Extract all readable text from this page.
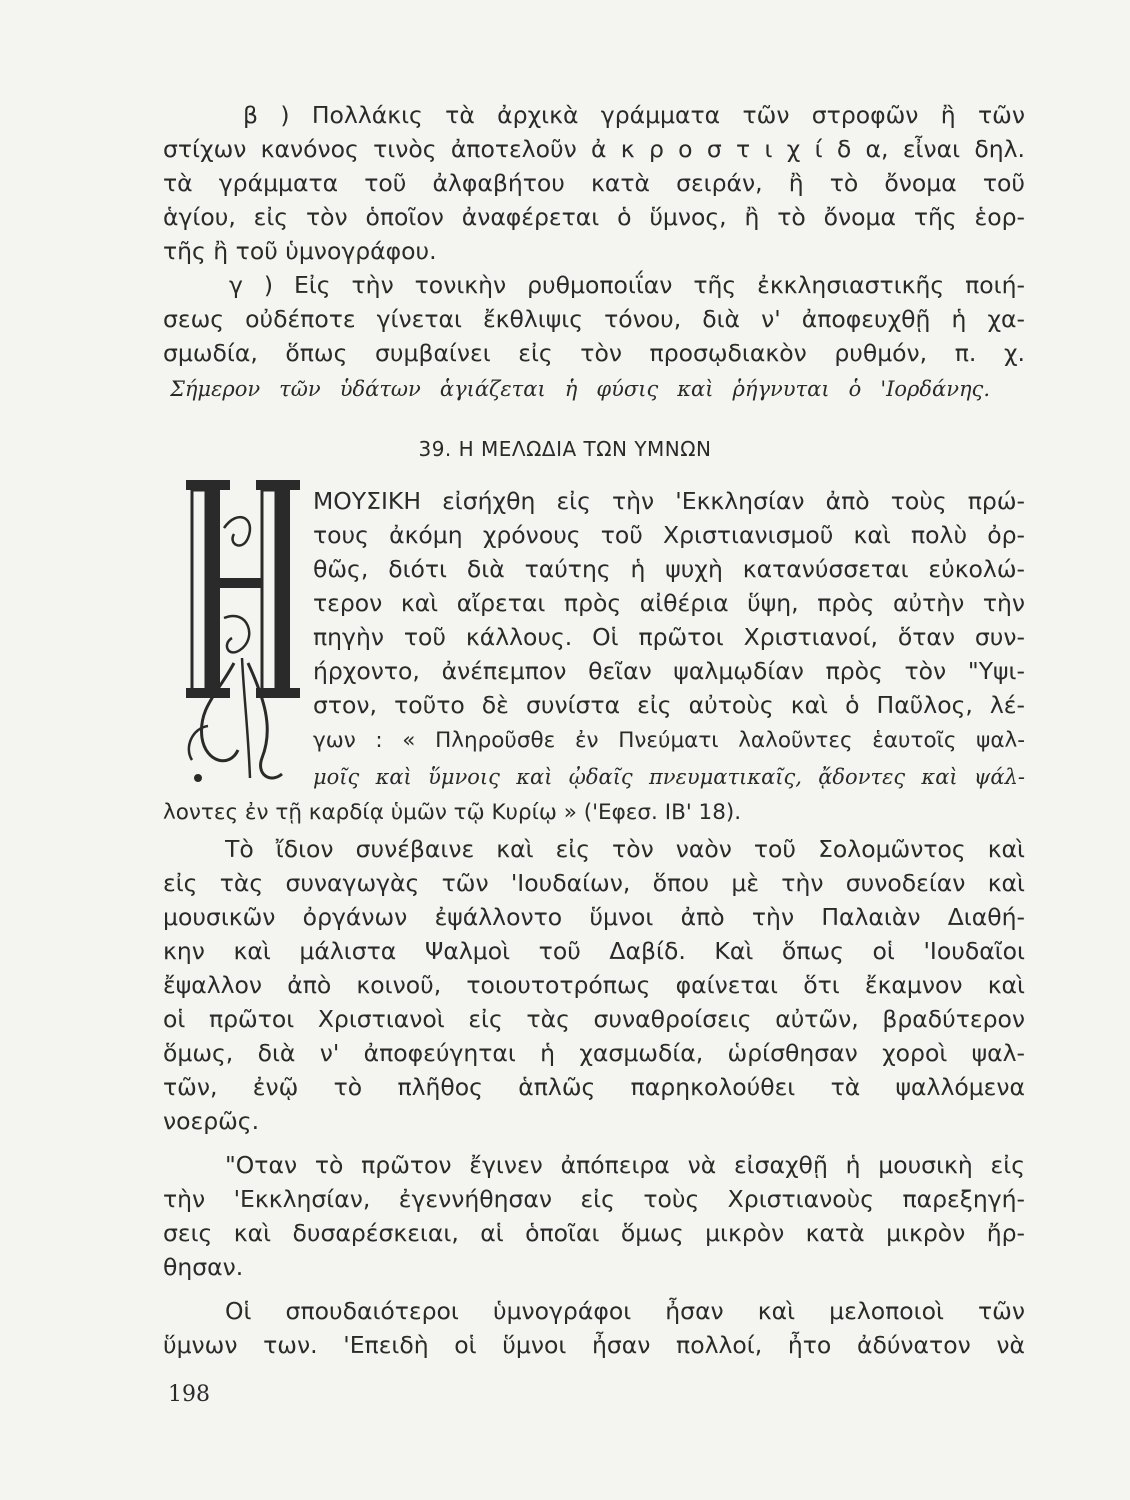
β ) Πολλάκις τὰ ἀρχικὰ γράμματα τῶν στροφῶν ἢ τῶν
στίχων κανόνος τινὸς ἀποτελοῦν ἀ κ ρ ο σ τ ι χ ί δ α, εἶναι δηλ.
τὰ γράμματα τοῦ ἀλφαβήτου κατὰ σειράν, ἢ τὸ ὄνομα τοῦ
ἁγίου, εἰς τὸν ὁποῖον ἀναφέρεται ὁ ὕμνος, ἢ τὸ ὄνομα τῆς ἑορ-
τῆς ἢ τοῦ ὑμνογράφου.
γ ) Εἰς τὴν τονικὴν ρυθμοποιΐαν τῆς ἐκκλησιαστικῆς ποιή-
σεως οὐδέποτε γίνεται ἔκθλιψις τόνου, διὰ ν' ἀποφευχθῇ ἡ χα-
σμωδία, ὅπως συμβαίνει εἰς τὸν προσῳδιακὸν ρυθμόν, π. χ.
Σήμερον τῶν ὑδάτων ἁγιάζεται ἡ φύσις καὶ ῥήγνυται ὁ 'Ιορδάνης.
39. Η ΜΕΛΩΔΙΑ ΤΩΝ ΥΜΝΩΝ
ΜΟΥΣΙΚΗ εἰσήχθη εἰς τὴν 'Εκκλησίαν ἀπὸ τοὺς πρώ-
τους ἀκόμη χρόνους τοῦ Χριστιανισμοῦ καὶ πολὺ ὀρ-
θῶς, διότι διὰ ταύτης ἡ ψυχὴ κατανύσσεται εὐκολώ-
τερον καὶ αἴρεται πρὸς αἰθέρια ὕψη, πρὸς αὐτὴν τὴν
πηγὴν τοῦ κάλλους. Οἱ πρῶτοι Χριστιανοί, ὅταν συν-
ήρχοντο, ἀνέπεμπον θεῖαν ψαλμῳδίαν πρὸς τὸν "Υψι-
στον, τοῦτο δὲ συνίστα εἰς αὐτοὺς καὶ ὁ Παῦλος, λέ-
γων : « Πληροῦσθε ἐν Πνεύματι λαλοῦντες ἑαυτοῖς ψαλ-
μοῖς καὶ ὕμνοις καὶ ᾠδαῖς πνευματικαῖς, ᾄδοντες καὶ ψάλ-
λοντες ἐν τῇ καρδίᾳ ὑμῶν τῷ Κυρίῳ » ('Εφεσ. ΙΒ' 18).
Τὸ ἴδιον συνέβαινε καὶ εἰς τὸν ναὸν τοῦ Σολομῶντος καὶ
εἰς τὰς συναγωγὰς τῶν 'Ιουδαίων, ὅπου μὲ τὴν συνοδείαν καὶ
μουσικῶν ὀργάνων ἐψάλλοντο ὕμνοι ἀπὸ τὴν Παλαιὰν Διαθή-
κην καὶ μάλιστα Ψαλμοὶ τοῦ Δαβίδ. Καὶ ὅπως οἱ 'Ιουδαῖοι
ἔψαλλον ἀπὸ κοινοῦ, τοιουτοτρόπως φαίνεται ὅτι ἔκαμνον καὶ
οἱ πρῶτοι Χριστιανοὶ εἰς τὰς συναθροίσεις αὐτῶν, βραδύτερον
ὅμως, διὰ ν' ἀποφεύγηται ἡ χασμωδία, ὡρίσθησαν χοροὶ ψαλ-
τῶν, ἐνῷ τὸ πλῆθος ἁπλῶς παρηκολούθει τὰ ψαλλόμενα
νοερῶς.
"Οταν τὸ πρῶτον ἔγινεν ἀπόπειρα νὰ εἰσαχθῇ ἡ μουσικὴ εἰς
τὴν 'Εκκλησίαν, ἐγεννήθησαν εἰς τοὺς Χριστιανοὺς παρεξηγή-
σεις καὶ δυσαρέσκειαι, αἱ ὁποῖαι ὅμως μικρὸν κατὰ μικρὸν ἤρ-
θησαν.
Οἱ σπουδαιότεροι ὑμνογράφοι ἦσαν καὶ μελοποιοὶ τῶν
ὕμνων των. 'Επειδὴ οἱ ὕμνοι ἦσαν πολλοί, ἦτο ἀδύνατον νὰ
198
